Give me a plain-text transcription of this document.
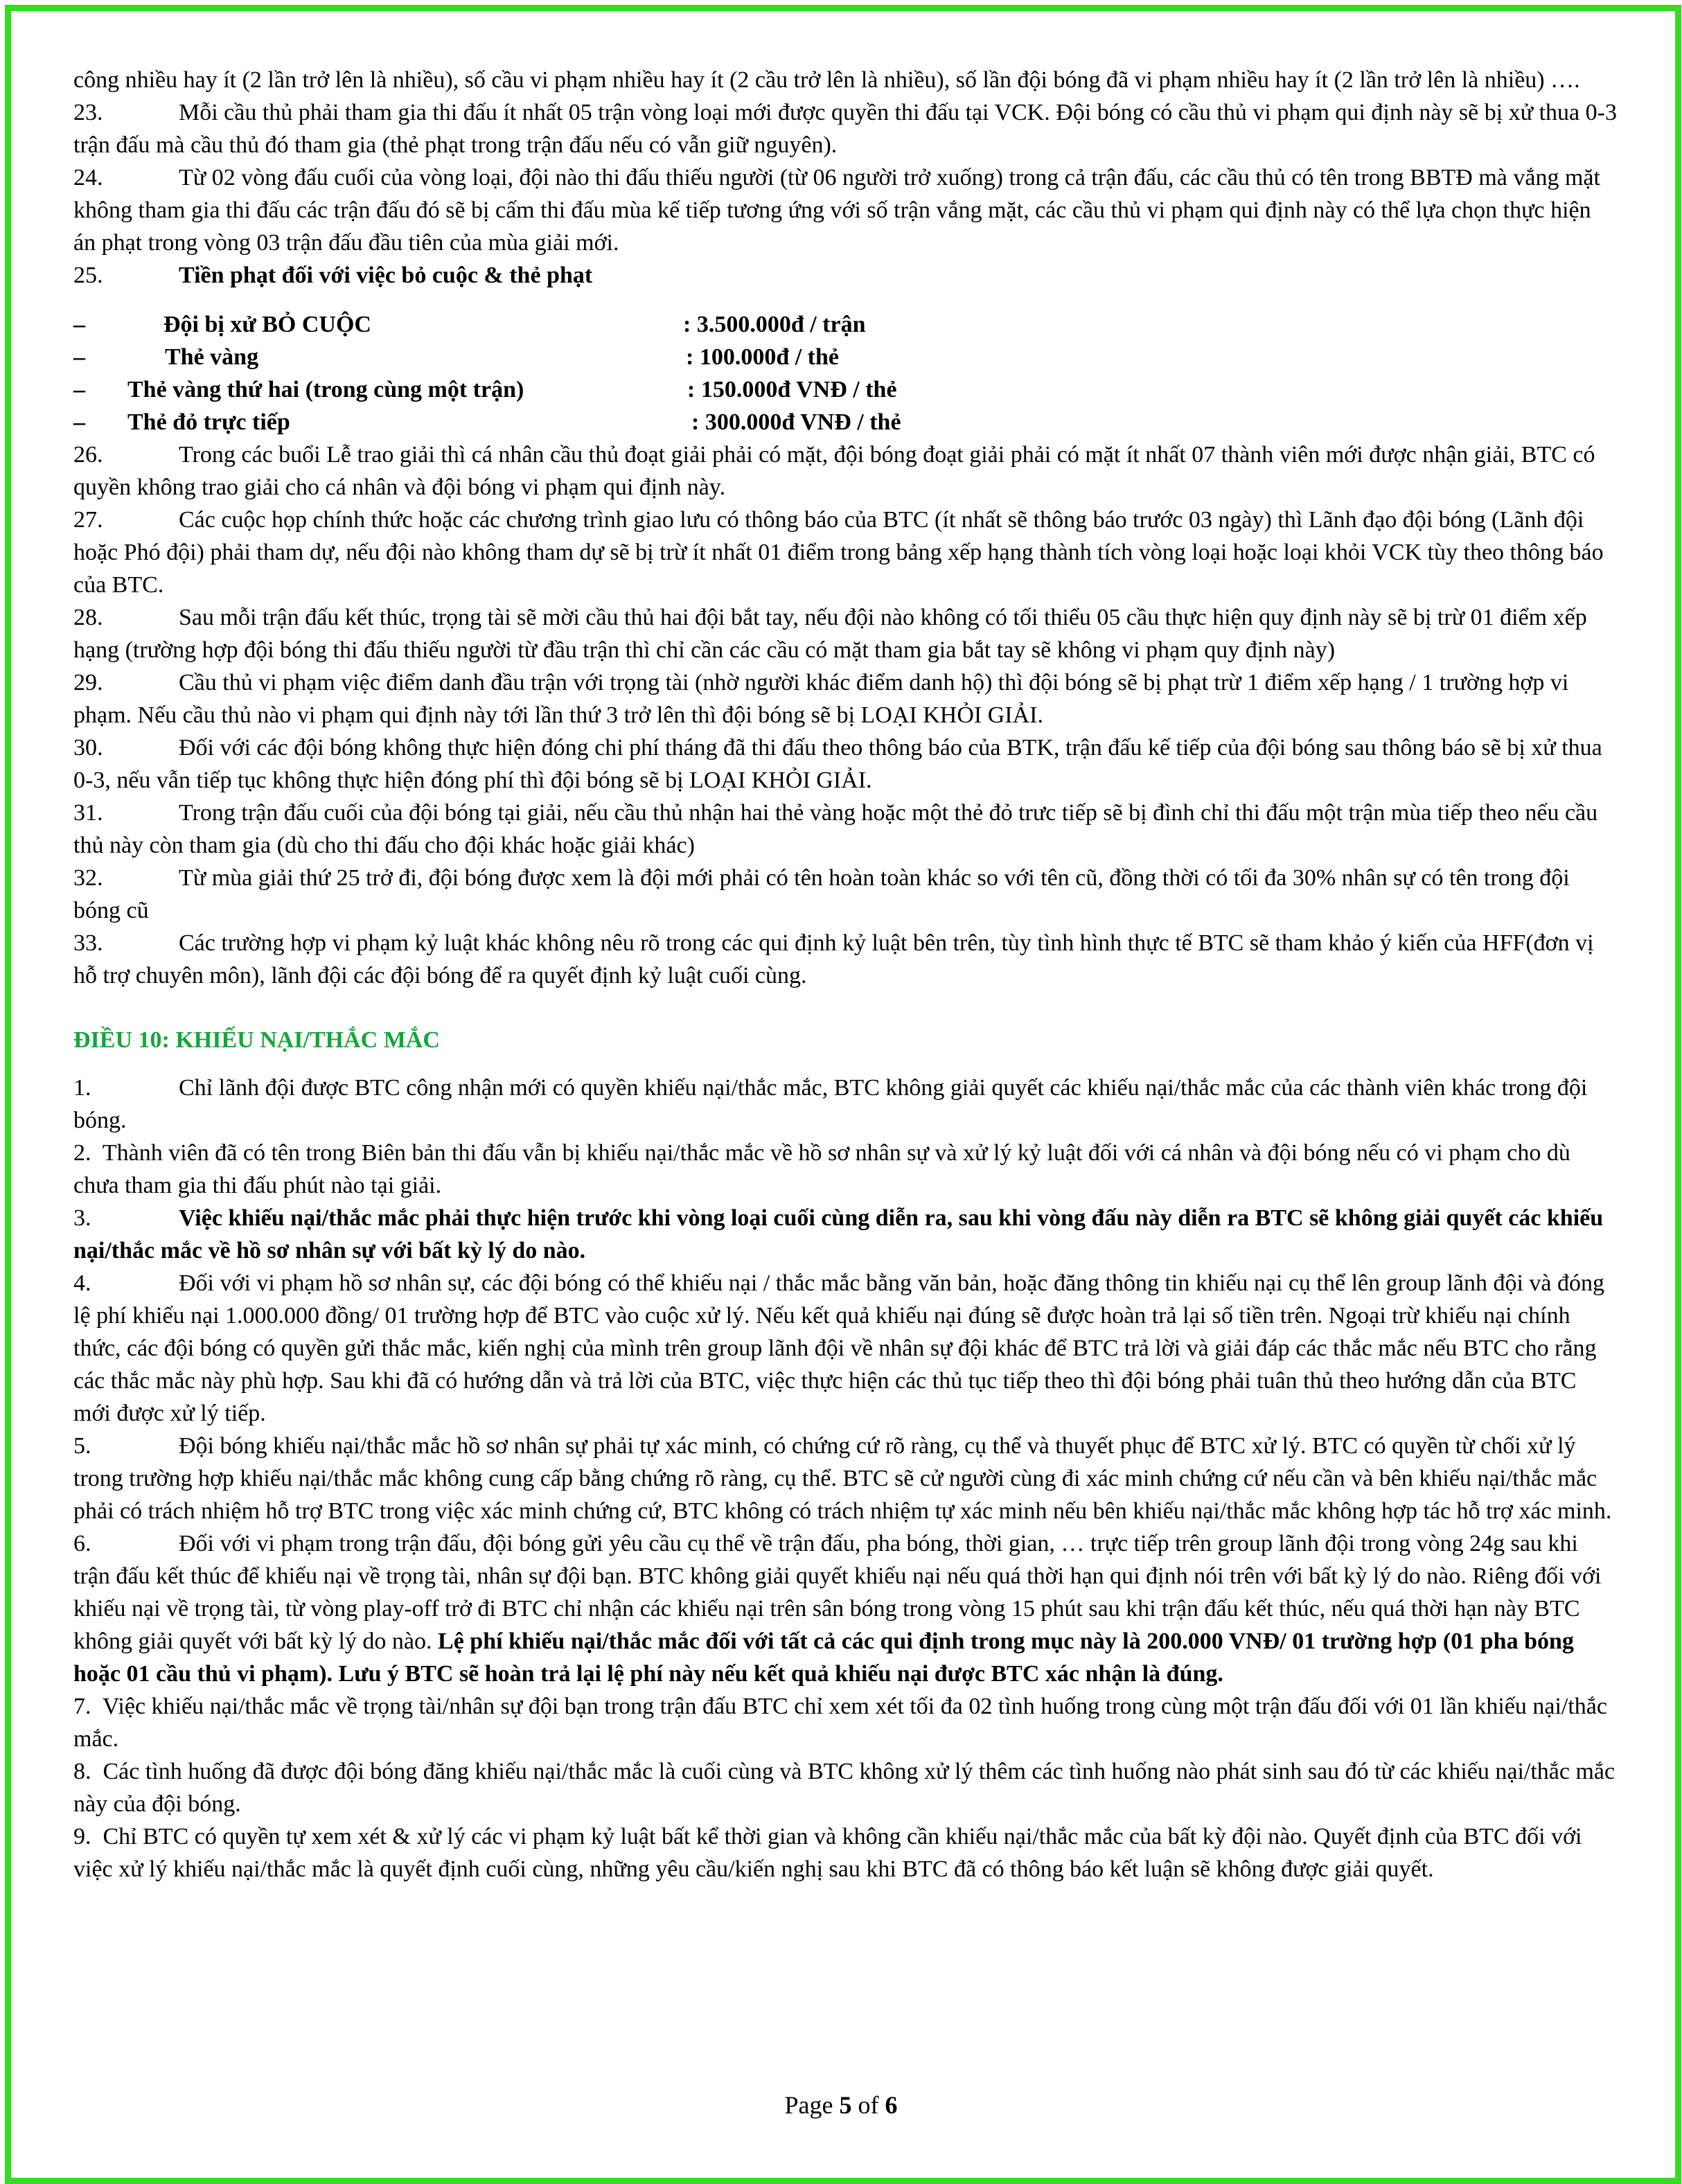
công nhiều hay ít (2 lần trở lên là nhiều), số cầu vi phạm nhiều hay ít (2 cầu trở lên là nhiều), số lần đội bóng đã vi phạm nhiều hay ít (2 lần trở lên là nhiều) ….

23.	Mỗi cầu thủ phải tham gia thi đấu ít nhất 05 trận vòng loại mới được quyền thi đấu tại VCK. Đội bóng có cầu thủ vi phạm qui định này sẽ bị xử thua 0-3 trận đấu mà cầu thủ đó tham gia (thẻ phạt trong trận đấu nếu có vẫn giữ nguyên).

24.	Từ 02 vòng đấu cuối của vòng loại, đội nào thi đấu thiếu người (từ 06 người trở xuống) trong cả trận đấu, các cầu thủ có tên trong BBTĐ mà vắng mặt không tham gia thi đấu các trận đấu đó sẽ bị cấm thi đấu mùa kế tiếp tương ứng với số trận vắng mặt, các cầu thủ vi phạm qui định này có thể lựa chọn thực hiện án phạt trong vòng 03 trận đấu đầu tiên của mùa giải mới.

25.	Tiền phạt đối với việc bỏ cuộc & thẻ phạt

–	Đội bị xử BỎ CUỘC	: 3.500.000đ / trận
–	Thẻ vàng	: 100.000đ / thẻ
– Thẻ vàng thứ hai (trong cùng một trận)	: 150.000đ VNĐ / thẻ
– Thẻ đỏ trực tiếp	: 300.000đ VNĐ / thẻ

26.	Trong các buổi Lễ trao giải thì cá nhân cầu thủ đoạt giải phải có mặt, đội bóng đoạt giải phải có mặt ít nhất 07 thành viên mới được nhận giải, BTC có quyền không trao giải cho cá nhân và đội bóng vi phạm qui định này.

27.	Các cuộc họp chính thức hoặc các chương trình giao lưu có thông báo của BTC (ít nhất sẽ thông báo trước 03 ngày) thì Lãnh đạo đội bóng (Lãnh đội hoặc Phó đội) phải tham dự, nếu đội nào không tham dự sẽ bị trừ ít nhất 01 điểm trong bảng xếp hạng thành tích vòng loại hoặc loại khỏi VCK tùy theo thông báo của BTC.

28.	Sau mỗi trận đấu kết thúc, trọng tài sẽ mời cầu thủ hai đội bắt tay, nếu đội nào không có tối thiểu 05 cầu thực hiện quy định này sẽ bị trừ 01 điểm xếp hạng (trường hợp đội bóng thi đấu thiếu người từ đầu trận thì chỉ cần các cầu có mặt tham gia bắt tay sẽ không vi phạm quy định này)

29.	Cầu thủ vi phạm việc điểm danh đầu trận với trọng tài (nhờ người khác điểm danh hộ) thì đội bóng sẽ bị phạt trừ 1 điểm xếp hạng / 1 trường hợp vi phạm. Nếu cầu thủ nào vi phạm qui định này tới lần thứ 3 trở lên thì đội bóng sẽ bị LOẠI KHỎI GIẢI.

30.	Đối với các đội bóng không thực hiện đóng chi phí tháng đã thi đấu theo thông báo của BTK, trận đấu kế tiếp của đội bóng sau thông báo sẽ bị xử thua 0-3, nếu vẫn tiếp tục không thực hiện đóng phí thì đội bóng sẽ bị LOẠI KHỎI GIẢI.

31.	Trong trận đấu cuối của đội bóng tại giải, nếu cầu thủ nhận hai thẻ vàng hoặc một thẻ đỏ trưc tiếp sẽ bị đình chỉ thi đấu một trận mùa tiếp theo nếu cầu thủ này còn tham gia (dù cho thi đấu cho đội khác hoặc giải khác)

32.	Từ mùa giải thứ 25 trở đi, đội bóng được xem là đội mới phải có tên hoàn toàn khác so với tên cũ, đồng thời có tối đa 30% nhân sự có tên trong đội bóng cũ

33.	Các trường hợp vi phạm kỷ luật khác không nêu rõ trong các qui định kỷ luật bên trên, tùy tình hình thực tế BTC sẽ tham khảo ý kiến của HFF(đơn vị hỗ trợ chuyên môn), lãnh đội các đội bóng để ra quyết định kỷ luật cuối cùng.

ĐIỀU 10: KHIẾU NẠI/THẮC MẮC

1.	Chỉ lãnh đội được BTC công nhận mới có quyền khiếu nại/thắc mắc, BTC không giải quyết các khiếu nại/thắc mắc của các thành viên khác trong đội bóng.

2. Thành viên đã có tên trong Biên bản thi đấu vẫn bị khiếu nại/thắc mắc về hồ sơ nhân sự và xử lý kỷ luật đối với cá nhân và đội bóng nếu có vi phạm cho dù chưa tham gia thi đấu phút nào tại giải.

3.	Việc khiếu nại/thắc mắc phải thực hiện trước khi vòng loại cuối cùng diễn ra, sau khi vòng đấu này diễn ra BTC sẽ không giải quyết các khiếu nại/thắc mắc về hồ sơ nhân sự với bất kỳ lý do nào.

4.	Đối với vi phạm hồ sơ nhân sự, các đội bóng có thể khiếu nại / thắc mắc bằng văn bản, hoặc đăng thông tin khiếu nại cụ thể lên group lãnh đội và đóng lệ phí khiếu nại 1.000.000 đồng/ 01 trường hợp để BTC vào cuộc xử lý. Nếu kết quả khiếu nại đúng sẽ được hoàn trả lại số tiền trên. Ngoại trừ khiếu nại chính thức, các đội bóng có quyền gửi thắc mắc, kiến nghị của mình trên group lãnh đội về nhân sự đội khác để BTC trả lời và giải đáp các thắc mắc nếu BTC cho rằng các thắc mắc này phù hợp. Sau khi đã có hướng dẫn và trả lời của BTC, việc thực hiện các thủ tục tiếp theo thì đội bóng phải tuân thủ theo hướng dẫn của BTC mới được xử lý tiếp.

5.	Đội bóng khiếu nại/thắc mắc hồ sơ nhân sự phải tự xác minh, có chứng cứ rõ ràng, cụ thể và thuyết phục để BTC xử lý. BTC có quyền từ chối xử lý trong trường hợp khiếu nại/thắc mắc không cung cấp bằng chứng rõ ràng, cụ thể. BTC sẽ cử người cùng đi xác minh chứng cứ nếu cần và bên khiếu nại/thắc mắc phải có trách nhiệm hỗ trợ BTC trong việc xác minh chứng cứ, BTC không có trách nhiệm tự xác minh nếu bên khiếu nại/thắc mắc không hợp tác hỗ trợ xác minh.

6.	Đối với vi phạm trong trận đấu, đội bóng gửi yêu cầu cụ thể về trận đấu, pha bóng, thời gian, … trực tiếp trên group lãnh đội trong vòng 24g sau khi trận đấu kết thúc để khiếu nại về trọng tài, nhân sự đội bạn. BTC không giải quyết khiếu nại nếu quá thời hạn qui định nói trên với bất kỳ lý do nào. Riêng đối với khiếu nại về trọng tài, từ vòng play-off trở đi BTC chỉ nhận các khiếu nại trên sân bóng trong vòng 15 phút sau khi trận đấu kết thúc, nếu quá thời hạn này BTC không giải quyết với bất kỳ lý do nào. Lệ phí khiếu nại/thắc mắc đối với tất cả các qui định trong mục này là 200.000 VNĐ/ 01 trường hợp (01 pha bóng hoặc 01 cầu thủ vi phạm). Lưu ý BTC sẽ hoàn trả lại lệ phí này nếu kết quả khiếu nại được BTC xác nhận là đúng.

7. Việc khiếu nại/thắc mắc về trọng tài/nhân sự đội bạn trong trận đấu BTC chỉ xem xét tối đa 02 tình huống trong cùng một trận đấu đối với 01 lần khiếu nại/thắc mắc.

8. Các tình huống đã được đội bóng đăng khiếu nại/thắc mắc là cuối cùng và BTC không xử lý thêm các tình huống nào phát sinh sau đó từ các khiếu nại/thắc mắc này của đội bóng.

9. Chỉ BTC có quyền tự xem xét & xử lý các vi phạm kỷ luật bất kể thời gian và không cần khiếu nại/thắc mắc của bất kỳ đội nào. Quyết định của BTC đối với việc xử lý khiếu nại/thắc mắc là quyết định cuối cùng, những yêu cầu/kiến nghị sau khi BTC đã có thông báo kết luận sẽ không được giải quyết.

Page 5 of 6
